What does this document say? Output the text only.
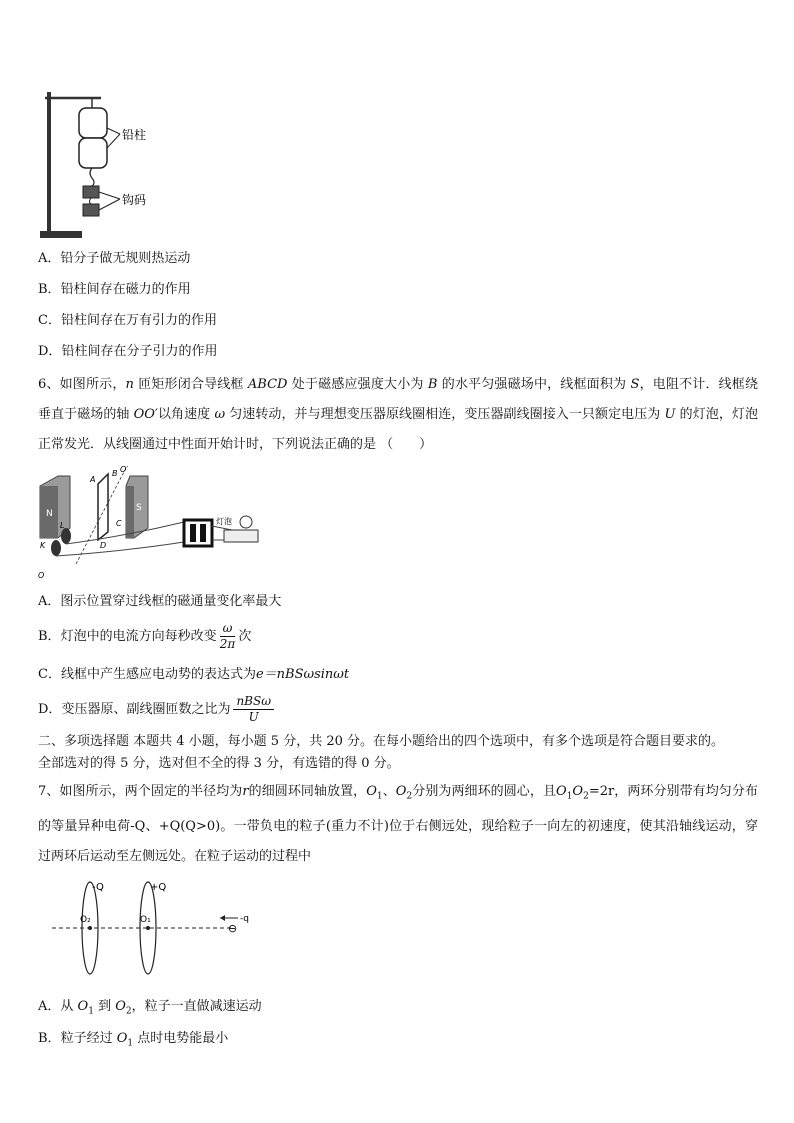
铅柱
钩码
A．铅分子做无规则热运动
B．铅柱间存在磁力的作用
C．铅柱间存在万有引力的作用
D．铅柱间存在分子引力的作用
6、如图所示，n 匝矩形闭合导线框 ABCD 处于磁感应强度大小为 B 的水平匀强磁场中，线框面积为 S，电阻不计．线框绕垂直于磁场的轴 OO′以角速度 ω 匀速转动，并与理想变压器原线圈相连，变压器副线圈接入一只额定电压为 U 的灯泡，灯泡正常发光．从线圈通过中性面开始计时，下列说法正确的是 （　　）
N
S
A
B
C
D
O′
L
K
O
灯泡
A．图示位置穿过线框的磁通量变化率最大
B．灯泡中的电流方向每秒改变 $\frac{\omega}{2\pi}$ 次
C．线框中产生感应电动势的表达式为e＝nBSωsinωt
D．变压器原、副线圈匝数之比为 $\frac{\text{nBSω}}{U}$
二、多项选择题 本题共 4 小题，每小题 5 分，共 20 分。在每小题给出的四个选项中，有多个选项是符合题目要求的。
全部选对的得 5 分，选对但不全的得 3 分，有选错的得 0 分。
7、如图所示，两个固定的半径均为r的细圆环同轴放置，$O_1$、$O_2$分别为两细环的圆心，且$O_1O_2=2r$，两环分别带有均匀分布的等量异种电荷-Q、+Q(Q>0)。一带负电的粒子(重力不计)位于右侧远处，现给粒子一向左的初速度，使其沿轴线运动，穿过两环后运动至左侧远处。在粒子运动的过程中
-Q	+Q
O₂	O₁	-q
⊖
A．从 $O_1$ 到 $O_2$，粒子一直做减速运动
B．粒子经过 $O_1$ 点时电势能最小
